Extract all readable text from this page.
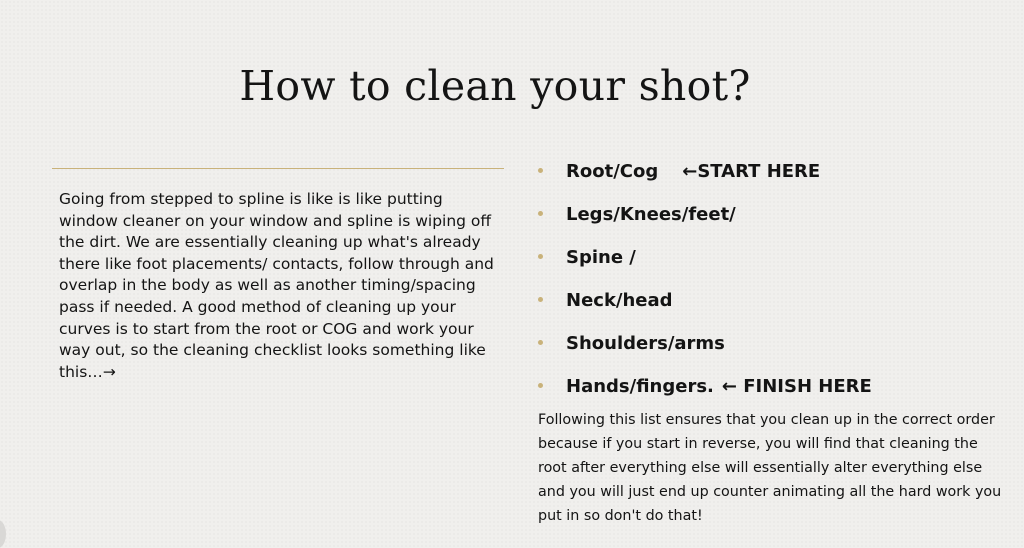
How to clean your shot?
Going from stepped to spline is like is like putting window cleaner on your window and spline is wiping off the dirt. We are essentially cleaning up what's already there like foot placements/ contacts, follow through and overlap in the body as well as another timing/spacing pass if needed. A good method of cleaning up your curves is to start from the root or COG and work your way out, so the cleaning checklist looks something like this…→
Root/Cog ←START HERE
Legs/Knees/feet/
Spine /
Neck/head
Shoulders/arms
Hands/fingers. ← FINISH HERE
Following this list ensures that you clean up in the correct order because if you start in reverse, you will find that cleaning the root after everything else will essentially alter everything else and you will just end up counter animating all the hard work you put in so don't do that!
